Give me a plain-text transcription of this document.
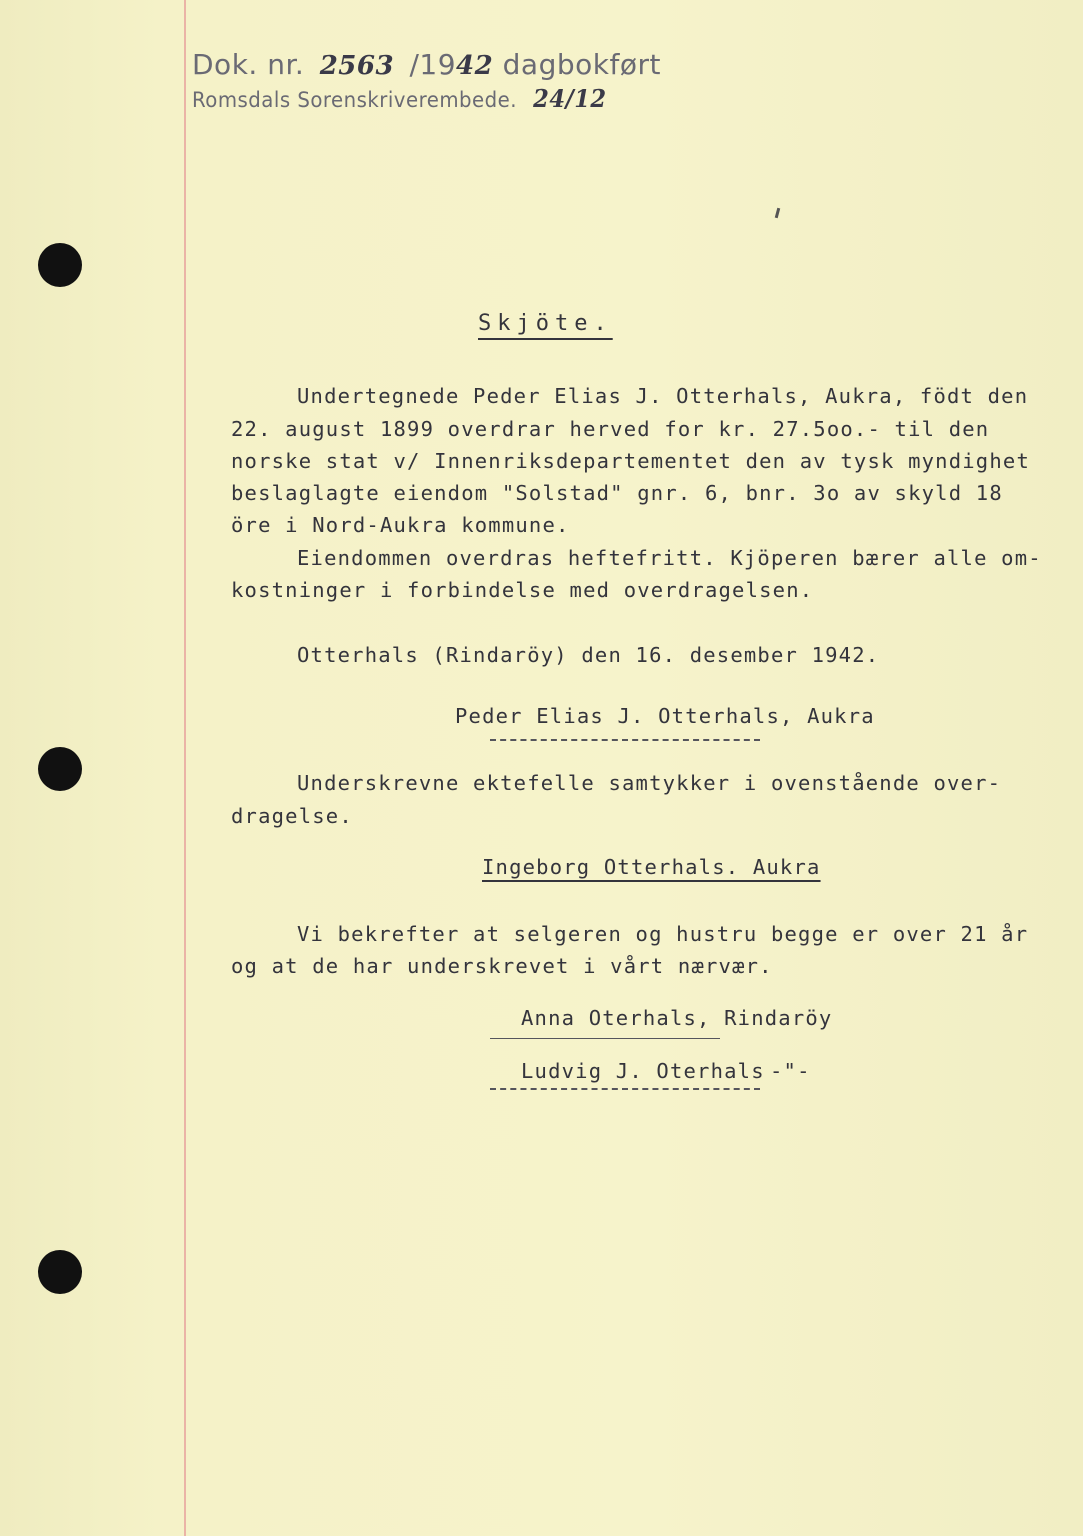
Dok. nr. 2563 /1942 dagbokført
Romsdals Sorenskriverembede. 24/12
Skjöte.
Undertegnede Peder Elias J. Otterhals, Aukra, födt den
22. august 1899 overdrar herved for kr. 27.5oo.- til den
norske stat v/ Innenriksdepartementet den av tysk myndighet
beslaglagte eiendom "Solstad" gnr. 6, bnr. 3o av skyld 18
öre i Nord-Aukra kommune.
Eiendommen overdras heftefritt. Kjöperen bærer alle om-
kostninger i forbindelse med overdragelsen.
Otterhals (Rindaröy) den 16. desember 1942.
Peder Elias J. Otterhals, Aukra
Underskrevne ektefelle samtykker i ovenstående over-
dragelse.
Ingeborg Otterhals. Aukra
Vi bekrefter at selgeren og hustru begge er over 21 år
og at de har underskrevet i vårt nærvær.
Anna Oterhals, Rindaröy
Ludvig J. Oterhals -"-
